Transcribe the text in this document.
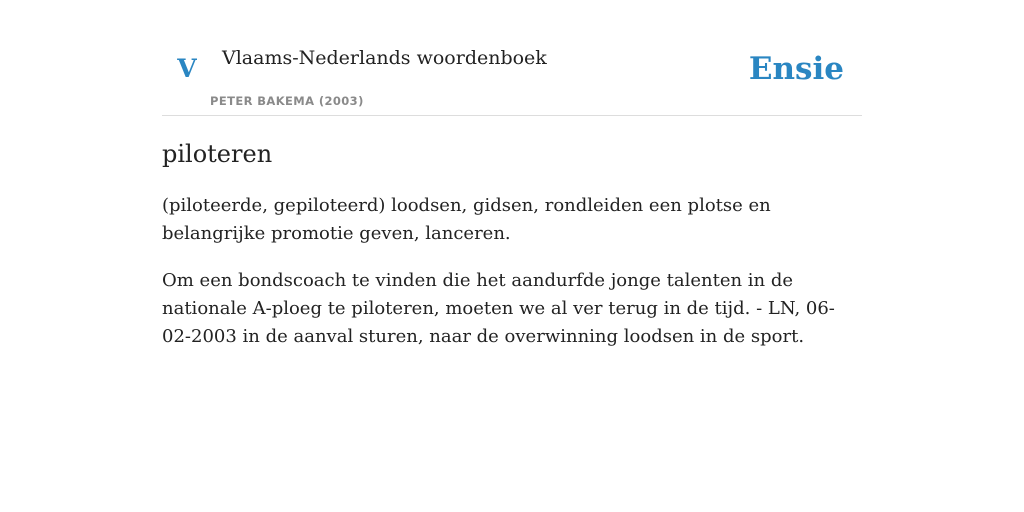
V Vlaams-Nederlands woordenboek
PETER BAKEMA (2003)
Ensie
piloteren

(piloteerde, gepiloteerd) loodsen, gidsen, rondleiden een plotse en belangrijke promotie geven, lanceren.

Om een bondscoach te vinden die het aandurfde jonge talenten in de nationale A-ploeg te piloteren, moeten we al ver terug in de tijd. - LN, 06-02-2003 in de aanval sturen, naar de overwinning loodsen in de sport.
